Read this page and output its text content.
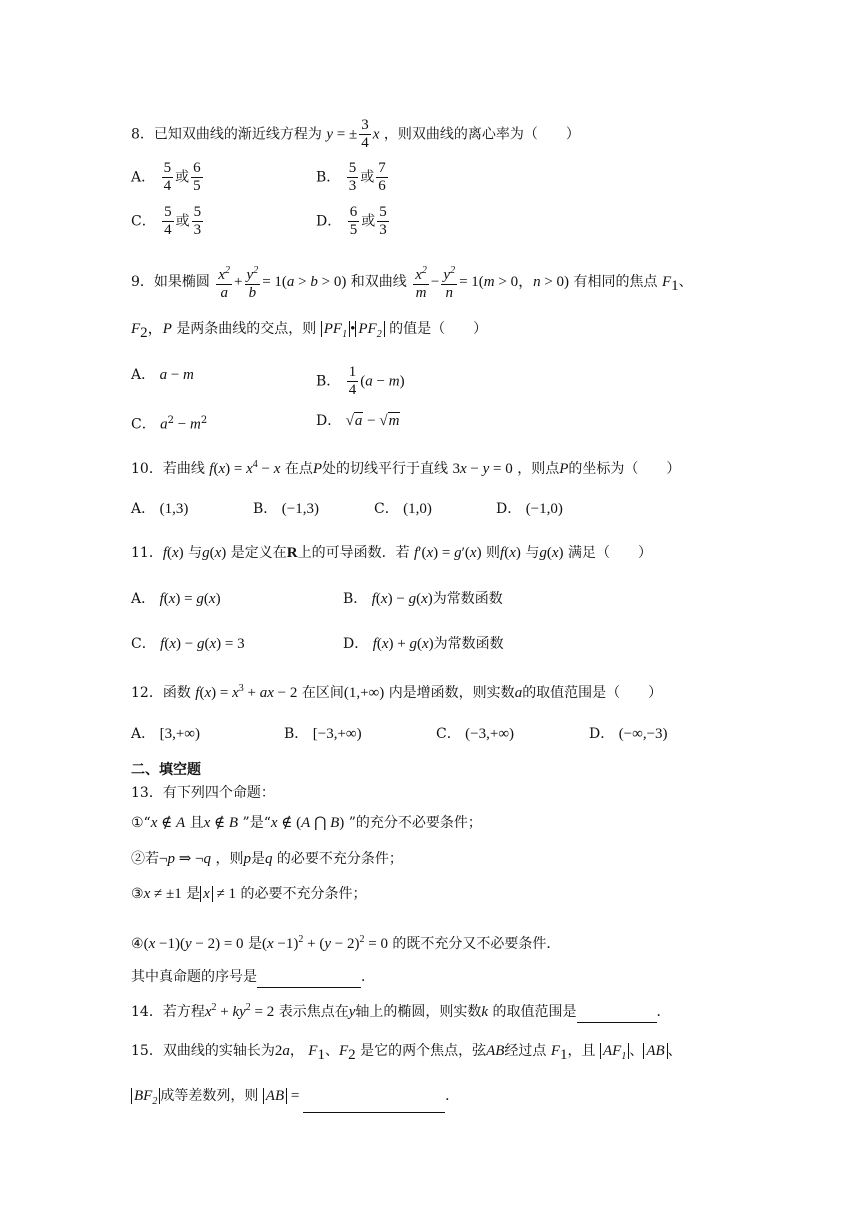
8．已知双曲线的渐近线方程为 y = ± $\frac{3}{4}$ x ，则双曲线的离心率为（　　）
A． $\frac{5}{4}$ 或 $\frac{6}{5}$	B． $\frac{5}{3}$ 或 $\frac{7}{6}$
C． $\frac{5}{4}$ 或 $\frac{5}{3}$	D． $\frac{6}{5}$ 或 $\frac{5}{3}$
9．如果椭圆 $\frac{x^2}{a} + \frac{y^2}{b} = 1(a > b > 0)$ 和双曲线 $\frac{x^2}{m} - \frac{y^2}{n} = 1(m > 0$，n > 0) 有相同的焦点 $F_1$、
$F_2$，P 是两条曲线的交点，则 $PF_1$ • $PF_2$ 的值是（　　）
A． a − m	B． $\frac{1}{4} (a - m)$
C． $a^2 - m^2$	D． √a − √m
10．若曲线 $f(x) = x^4 - x$ 在点P处的切线平行于直线 3x − y = 0 ，则点P的坐标为（　　）
A． (1,3)	B． (−1,3)	C． (1,0)	D． (−1,0)
11．f(x) 与g(x) 是定义在R上的可导函数．若 f′(x) = g′(x) 则f(x) 与g(x) 满足（　　）
A． f(x) = g(x)	B． f(x) − g(x)为常数函数
C． f(x) − g(x) = 3	D． f(x) + g(x)为常数函数
12．函数 $f(x) = x^3$ + ax − 2 在区间(1,+∞) 内是增函数，则实数a的取值范围是（　　）
A． [3,+∞)	B． [−3,+∞)	C． (−3,+∞)	D． (−∞,−3)
二、填空题
13．有下列四个命题：
①“x ∉ A 且x ∉ B ”是“x ∉ (A ⋂ B) ”的充分不必要条件；
②若¬p ⇒ ¬q ，则p是q 的必要不充分条件；
③x ≠ ±1 是 x ≠ 1 的必要不充分条件；
④(x −1)(y − 2) = 0 是$(x -1)^2 + (y - 2)^2 = 0$ 的既不充分又不必要条件．
其中真命题的序号是	．
14．若方程$x^2 + ky^2 = 2$ 表示焦点在y轴上的椭圆，则实数k 的取值范围是	．
15．双曲线的实轴长为2a， $F_1$、$F_2$ 是它的两个焦点，弦AB经过点 $F_1$，且 $AF_1$ 、 AB 、
$BF_2$ 成等差数列，则 AB =	．
